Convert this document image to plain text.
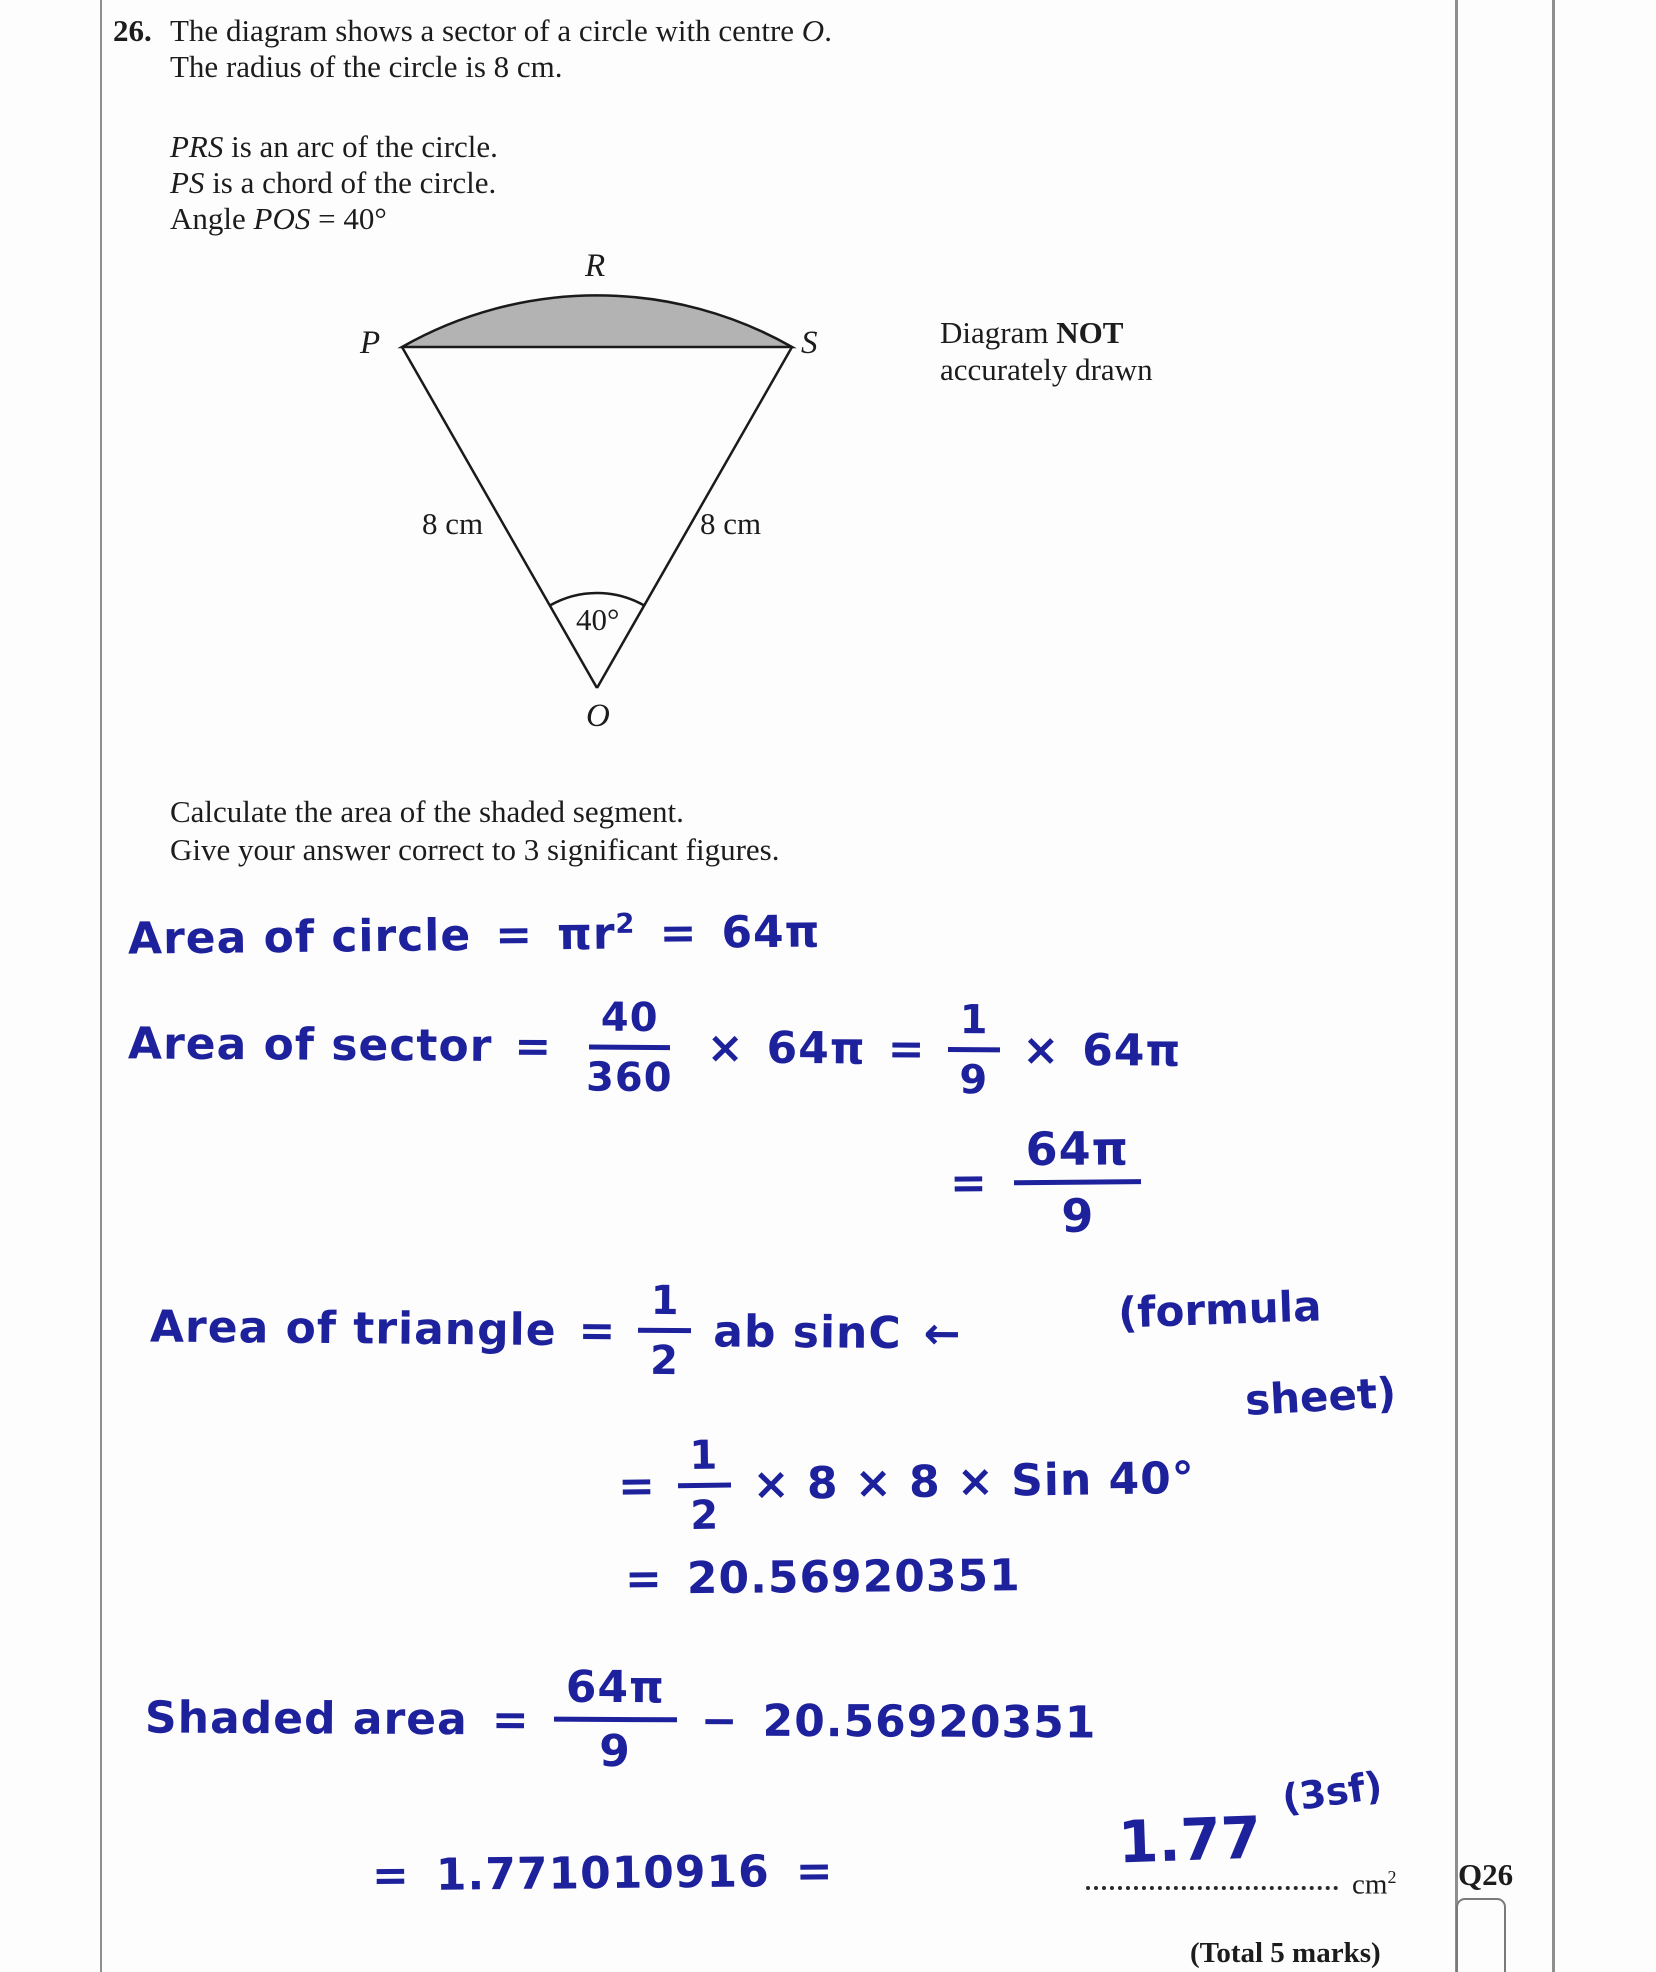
26. The diagram shows a sector of a circle with centre O.
The radius of the circle is 8 cm.
PRS is an arc of the circle.
PS is a chord of the circle.
Angle POS = 40°
R
P	S
O
8 cm	8 cm
40°
Diagram NOT
accurately drawn
Calculate the area of the shaded segment.
Give your answer correct to 3 significant figures.
Area of circle = $\pi r^2 = 64\pi$
Area of sector = $\frac{40}{360} \times 64\pi = \frac{1}{9} \times 64\pi$
= $\frac{64\pi}{9}$
Area of triangle = $\frac{1}{2}$ ab sinC ←	(formula
sheet)
= $\frac{1}{2} \times 8 \times 8$ × Sin 40°
= 20.56920351
Shaded area = $\frac{64\pi}{9} - 20.56920351$
= 1.771010916 =	1.77
(3sf)
$cm^2$ Q26
(Total 5 marks)
